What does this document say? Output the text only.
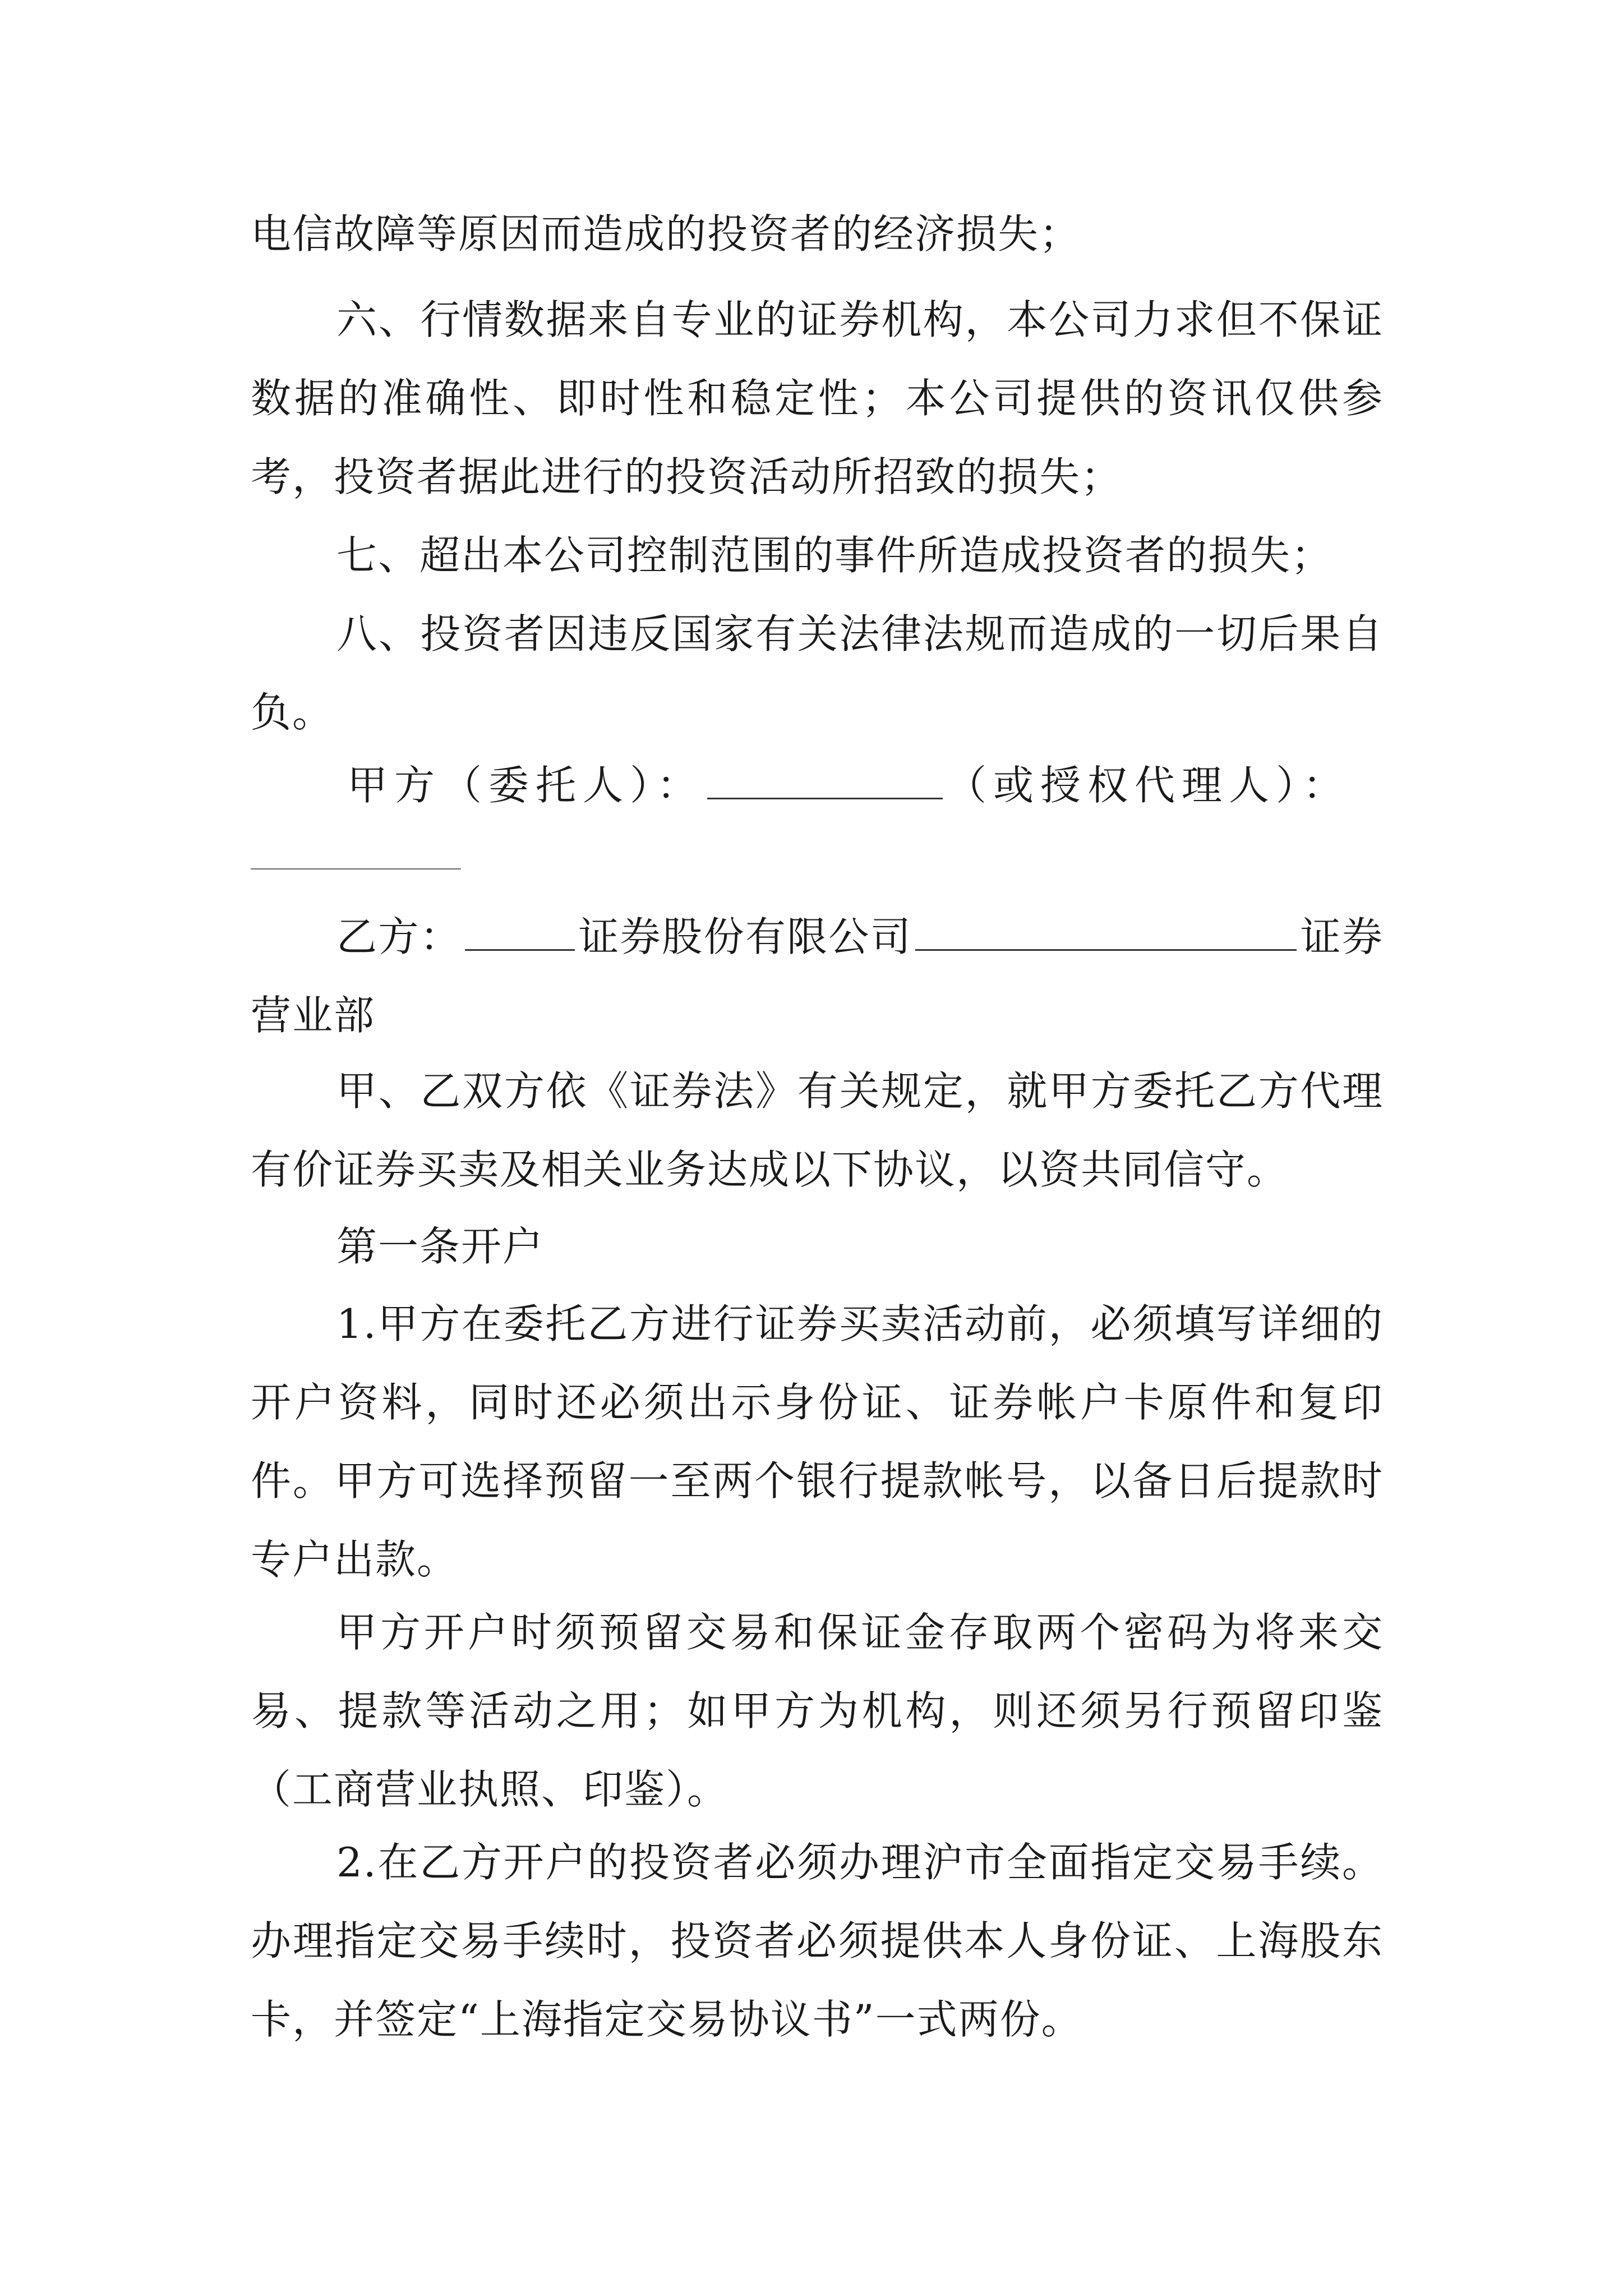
电信故障等原因而造成的投资者的经济损失；

六、行情数据来自专业的证券机构，本公司力求但不保证数据的准确性、即时性和稳定性；本公司提供的资讯仅供参考，投资者据此进行的投资活动所招致的损失；

七、超出本公司控制范围的事件所造成投资者的损失；

八、投资者因违反国家有关法律法规而造成的一切后果自负。

甲方（委托人）：	（或授权代理人）：

乙方：	证券股份有限公司	证券营业部

甲、乙双方依《证券法》有关规定，就甲方委托乙方代理有价证券买卖及相关业务达成以下协议，以资共同信守。

第一条开户

1.甲方在委托乙方进行证券买卖活动前，必须填写详细的开户资料，同时还必须出示身份证、证券帐户卡原件和复印件。甲方可选择预留一至两个银行提款帐号，以备日后提款时专户出款。

甲方开户时须预留交易和保证金存取两个密码为将来交易、提款等活动之用；如甲方为机构，则还须另行预留印鉴（工商营业执照、印鉴）。

2.在乙方开户的投资者必须办理沪市全面指定交易手续。办理指定交易手续时，投资者必须提供本人身份证、上海股东卡，并签定“上海指定交易协议书”一式两份。
